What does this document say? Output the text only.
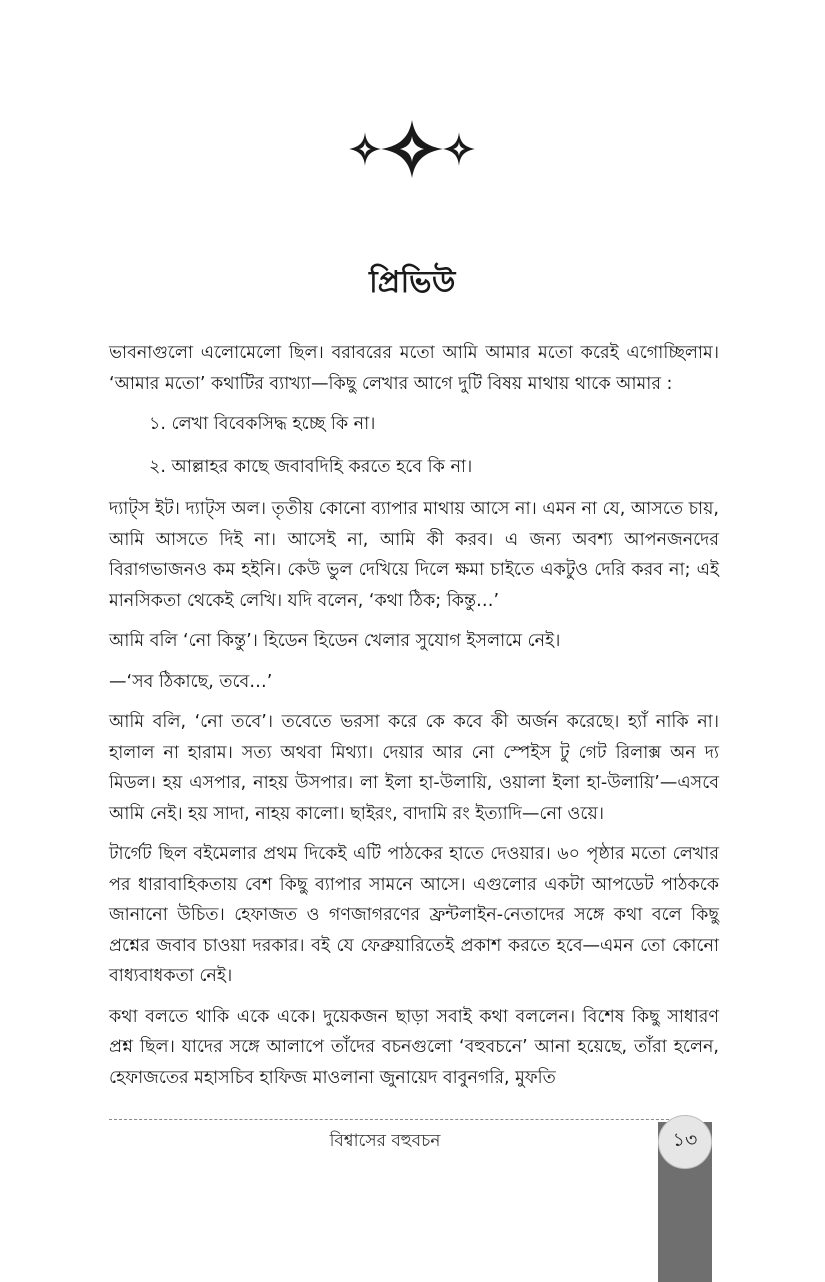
প্রিভিউ

ভাবনাগুলো এলোমেলো ছিল। বরাবরের মতো আমি আমার মতো করেই এগোচ্ছিলাম। ‘আমার মতো’ কথাটির ব্যাখ্যা—কিছু লেখার আগে দুটি বিষয় মাথায় থাকে আমার :

১. লেখা বিবেকসিদ্ধ হচ্ছে কি না।

২. আল্লাহর কাছে জবাবদিহি করতে হবে কি না।

দ্যাট্স ইট। দ্যাট্স অল। তৃতীয় কোনো ব্যাপার মাথায় আসে না। এমন না যে, আসতে চায়, আমি আসতে দিই না। আসেই না, আমি কী করব। এ জন্য অবশ্য আপনজনদের বিরাগভাজনও কম হইনি। কেউ ভুল দেখিয়ে দিলে ক্ষমা চাইতে একটুও দেরি করব না; এই মানসিকতা থেকেই লেখি। যদি বলেন, ‘কথা ঠিক; কিন্তু…’

আমি বলি ‘নো কিন্তু’। হিডেন হিডেন খেলার সুযোগ ইসলামে নেই।

—‘সব ঠিকাছে, তবে…’

আমি বলি, ‘নো তবে’। তবেতে ভরসা করে কে কবে কী অর্জন করেছে। হ্যাঁ নাকি না। হালাল না হারাম। সত্য অথবা মিথ্যা। দেয়ার আর নো স্পেইস টু গেট রিলাক্স অন দ্য মিডল। হয় এসপার, নাহয় উসপার। লা ইলা হা-উলায়ি, ওয়ালা ইলা হা-উলায়ি’—এসবে আমি নেই। হয় সাদা, নাহয় কালো। ছাইরং, বাদামি রং ইত্যাদি—নো ওয়ে।

টার্গেট ছিল বইমেলার প্রথম দিকেই এটি পাঠকের হাতে দেওয়ার। ৬০ পৃষ্ঠার মতো লেখার পর ধারাবাহিকতায় বেশ কিছু ব্যাপার সামনে আসে। এগুলোর একটা আপডেট পাঠককে জানানো উচিত। হেফাজত ও গণজাগরণের ফ্রন্টলাইন-নেতাদের সঙ্গে কথা বলে কিছু প্রশ্নের জবাব চাওয়া দরকার। বই যে ফেব্রুয়ারিতেই প্রকাশ করতে হবে—এমন তো কোনো বাধ্যবাধকতা নেই।

কথা বলতে থাকি একে একে। দুয়েকজন ছাড়া সবাই কথা বললেন। বিশেষ কিছু সাধারণ প্রশ্ন ছিল। যাদের সঙ্গে আলাপে তাঁদের বচনগুলো ‘বহুবচনে’ আনা হয়েছে, তাঁরা হলেন, হেফাজতের মহাসচিব হাফিজ মাওলানা জুনায়েদ বাবুনগরি, মুফতি

বিশ্বাসের বহুবচন	১৩
